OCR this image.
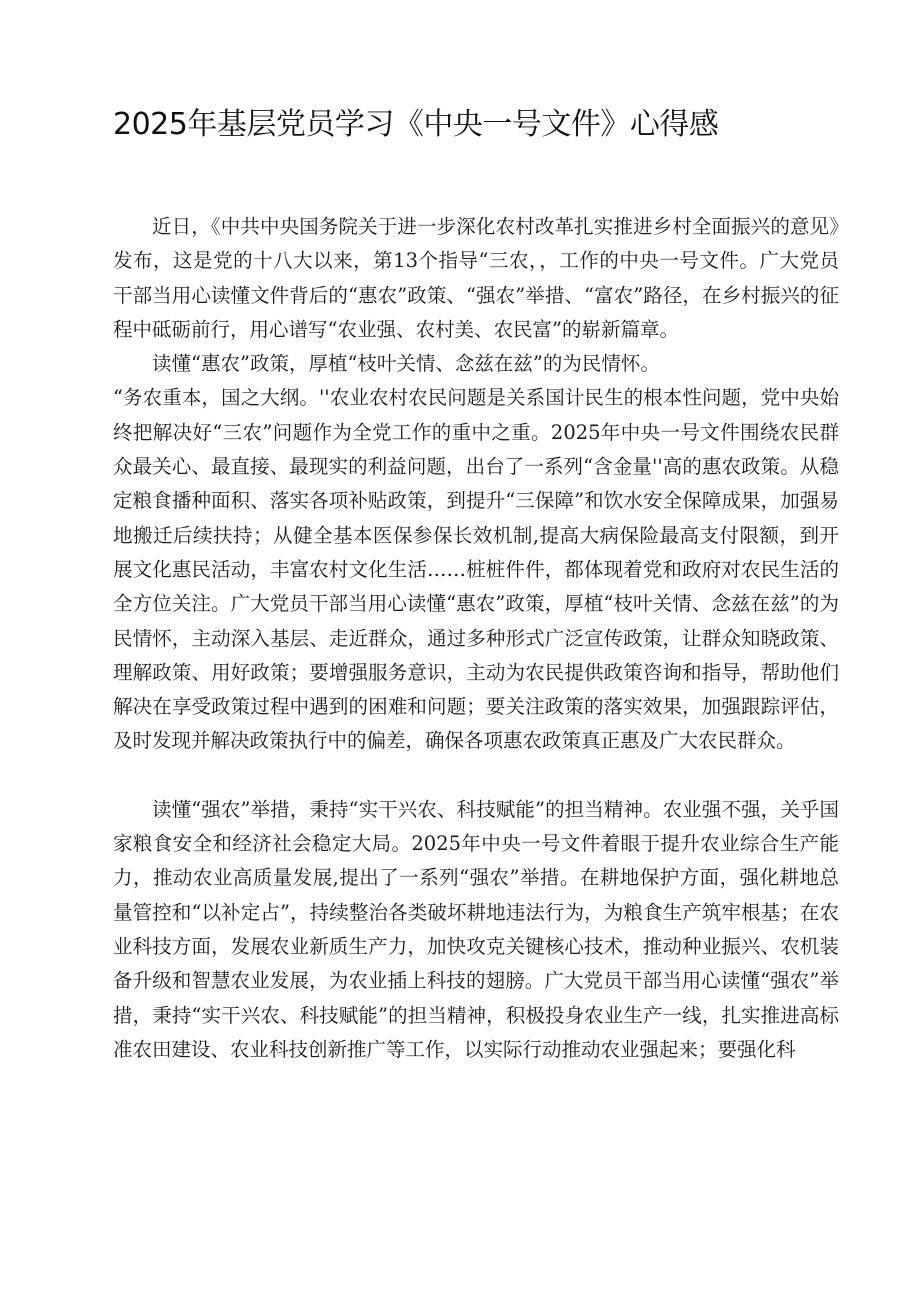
2025年基层党员学习《中央一号文件》心得感

近日，《中共中央国务院关于进一步深化农村改革扎实推进乡村全面振兴的意见》发布，这是党的十八大以来，第13个指导“三农，，工作的中央一号文件。广大党员干部当用心读懂文件背后的“惠农”政策、“强农”举措、“富农”路径，在乡村振兴的征程中砥砺前行，用心谱写“农业强、农村美、农民富”的崭新篇章。

读懂“惠农”政策，厚植“枝叶关情、念兹在兹”的为民情怀。

“务农重本，国之大纲。''农业农村农民问题是关系国计民生的根本性问题，党中央始终把解决好“三农”问题作为全党工作的重中之重。2025年中央一号文件围绕农民群众最关心、最直接、最现实的利益问题，出台了一系列“含金量''高的惠农政策。从稳定粮食播种面积、落实各项补贴政策，到提升“三保障”和饮水安全保障成果，加强易地搬迁后续扶持；从健全基本医保参保长效机制,提高大病保险最高支付限额，到开展文化惠民活动，丰富农村文化生活……桩桩件件，都体现着党和政府对农民生活的全方位关注。广大党员干部当用心读懂“惠农”政策，厚植“枝叶关情、念兹在兹”的为民情怀，主动深入基层、走近群众，通过多种形式广泛宣传政策，让群众知晓政策、理解政策、用好政策；要增强服务意识，主动为农民提供政策咨询和指导，帮助他们解决在享受政策过程中遇到的困难和问题；要关注政策的落实效果，加强跟踪评估，及时发现并解决政策执行中的偏差，确保各项惠农政策真正惠及广大农民群众。

读懂“强农”举措，秉持“实干兴农、科技赋能”的担当精神。农业强不强，关乎国家粮食安全和经济社会稳定大局。2025年中央一号文件着眼于提升农业综合生产能力，推动农业高质量发展,提出了一系列“强农”举措。在耕地保护方面，强化耕地总量管控和“以补定占”，持续整治各类破坏耕地违法行为，为粮食生产筑牢根基；在农业科技方面，发展农业新质生产力，加快攻克关键核心技术，推动种业振兴、农机装备升级和智慧农业发展，为农业插上科技的翅膀。广大党员干部当用心读懂“强农”举措，秉持“实干兴农、科技赋能”的担当精神，积极投身农业生产一线，扎实推进高标准农田建设、农业科技创新推广等工作，以实际行动推动农业强起来；要强化科
